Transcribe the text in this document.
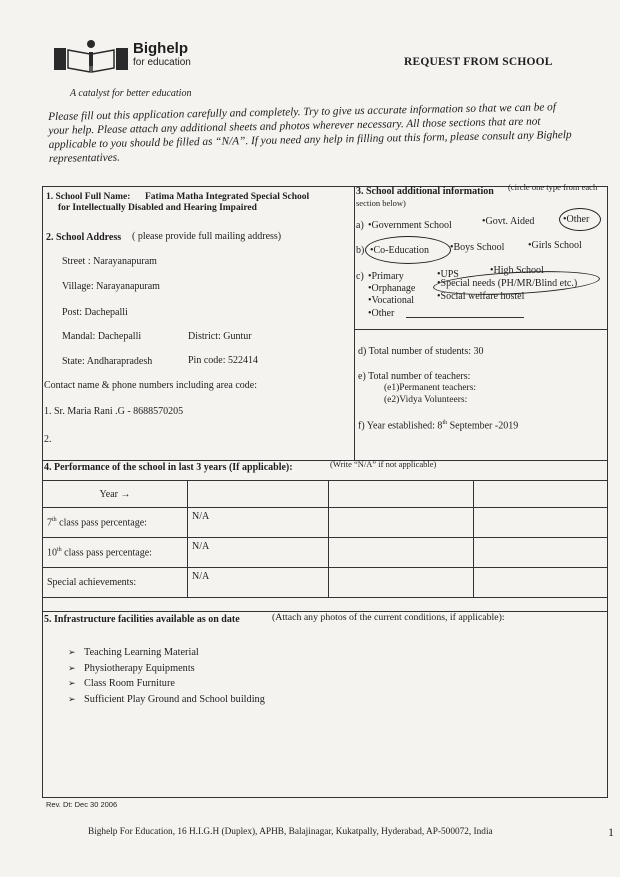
Bighelp
for education
A catalyst for better education
REQUEST FROM SCHOOL
Please fill out this application carefully and completely. Try to give us accurate information so that we can be of your help. Please attach any additional sheets and photos wherever necessary. All those sections that are not applicable to you should be filled as “N/A”. If you need any help in filling out this form, please consult any Bighelp representatives.
1. School Full Name: Fatima Matha Integrated Special School
for Intellectually Disabled and Hearing Impaired
2. School Address ( please provide full mailing address)
Street : Narayanapuram
Village: Narayanapuram
Post: Dachepalli
Mandal: Dachepalli	District: Guntur
State: Andharapradesh	Pin code: 522414
Contact name & phone numbers including area code:
1. Sr. Maria Rani .G - 8688570205
2.
3. School additional information (circle one type from each
section below)
a) •Government School	•Govt. Aided	•Other
b) •Co-Education •Boys School •Girls School
c) •Primary	•UPS	•High School
•Orphanage •Special needs (PH/MR/Blind etc.)
•Vocational •Social welfare hostel
•Other
d) Total number of students: 30
e) Total number of teachers:
(e1)Permanent teachers:
(e2)Vidya Volunteers:
f) Year established: 8th September -2019
4. Performance of the school in last 3 years (If applicable):	(Write “N/A” if not applicable)
Year →			
7th class pass percentage:	N/A		
10th class pass percentage:	N/A		
Special achievements:	N/A		
5. Infrastructure facilities available as on date	(Attach any photos of the current conditions, if applicable):
➢ Teaching Learning Material
➢ Physiotherapy Equipments
➢ Class Room Furniture
➢ Sufficient Play Ground and School building
Rev. Dt: Dec 30 2006
Bighelp For Education, 16 H.I.G.H (Duplex), APHB, Balajinagar, Kukatpally, Hyderabad, AP-500072, India	1
